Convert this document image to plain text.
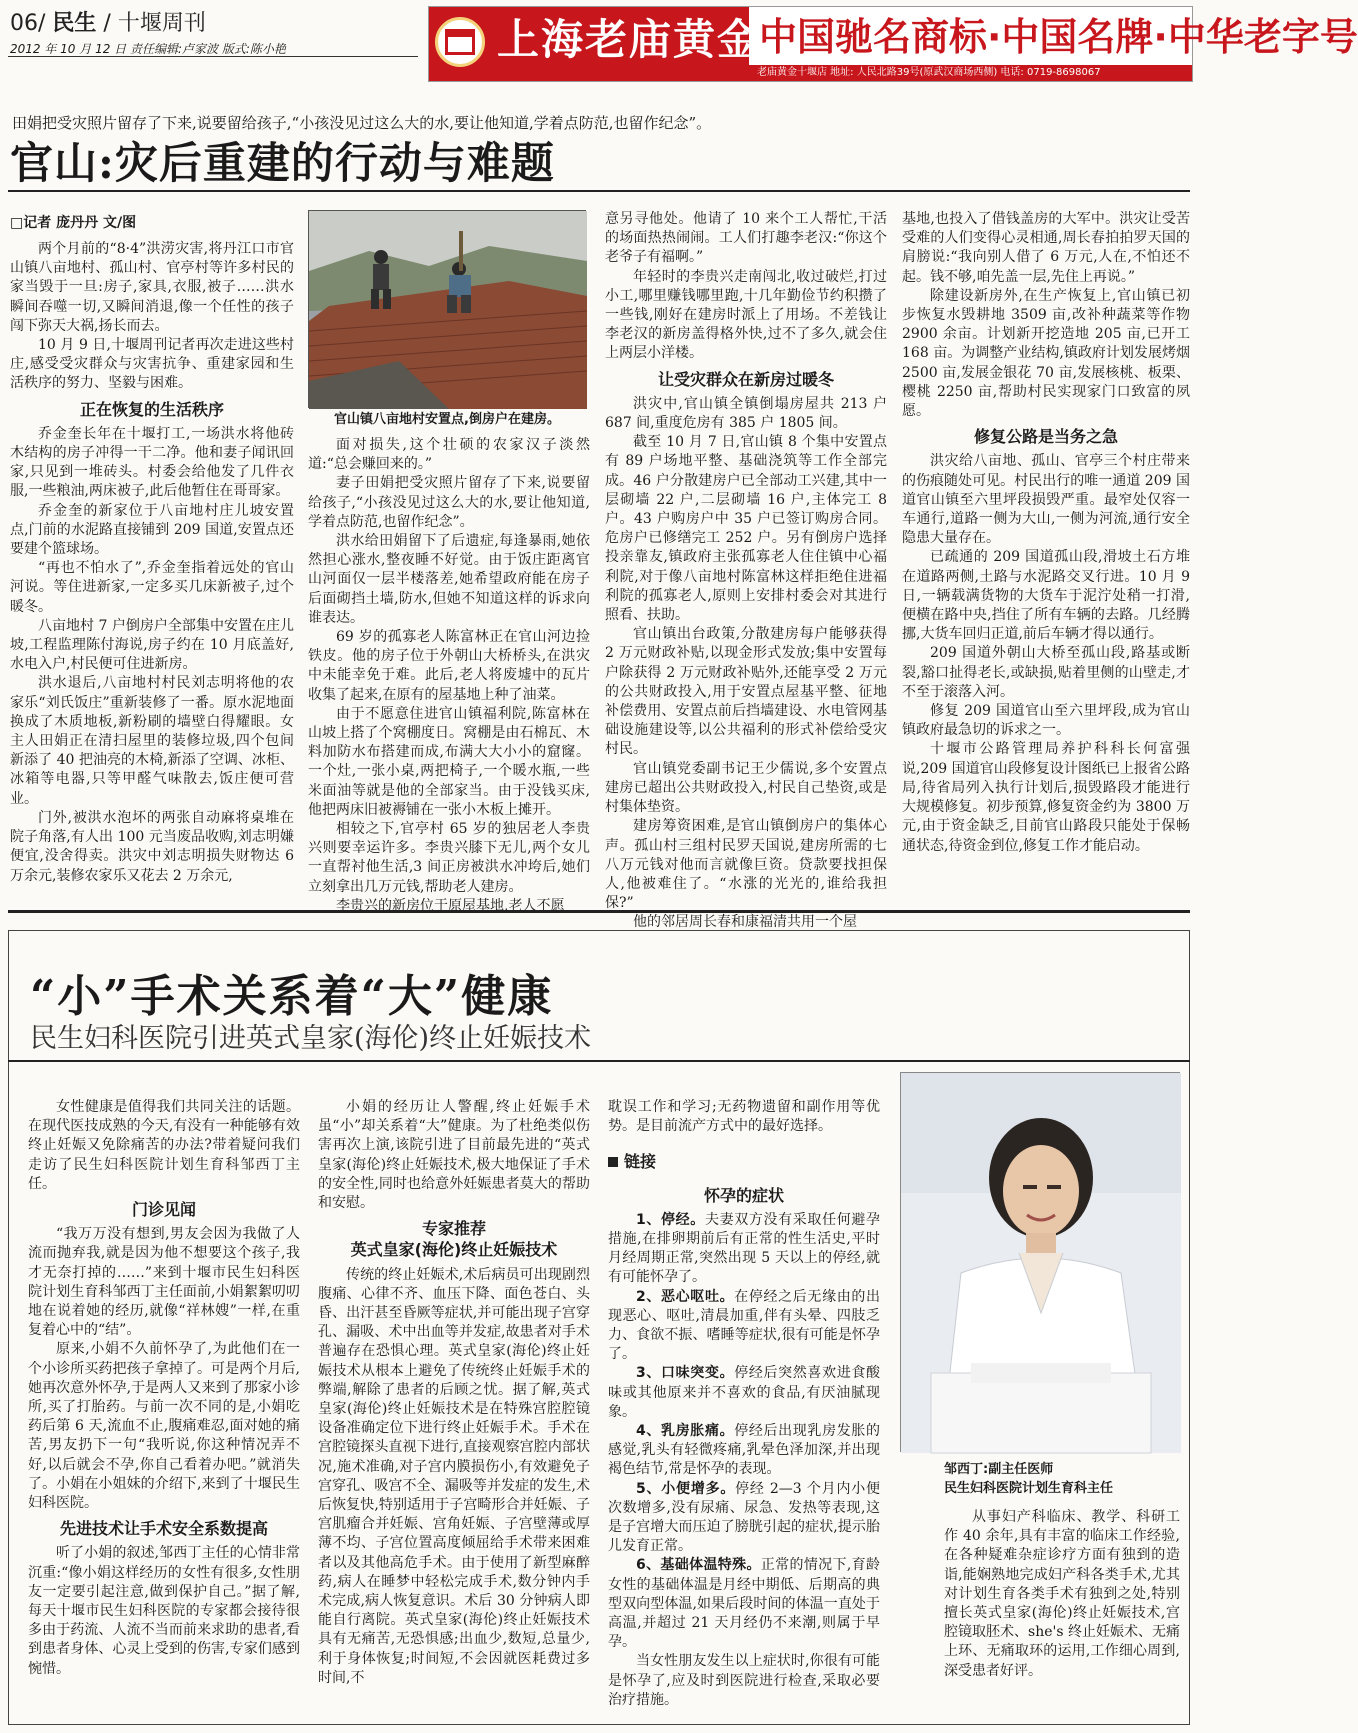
06/ 民生 / 十堰周刊
2012 年 10 月 12 日 责任编辑:卢家波 版式:陈小艳	上海老庙黄金
中国驰名商标·中国名牌·中华老字号
老庙黄金十堰店 地址: 人民北路39号(原武汉商场西侧) 电话: 0719-8698067
田娟把受灾照片留存了下来,说要留给孩子,“小孩没见过这么大的水,要让他知道,学着点防范,也留作纪念”。
官山:灾后重建的行动与难题
□记者 庞丹丹 文/图

两个月前的“8·4”洪涝灾害,将丹江口市官山镇八亩地村、孤山村、官亭村等许多村民的家当毁于一旦:房子,家具,衣服,被子……洪水瞬间吞噬一切,又瞬间消退,像一个任性的孩子闯下弥天大祸,扬长而去。

10 月 9 日,十堰周刊记者再次走进这些村庄,感受受灾群众与灾害抗争、重建家园和生活秩序的努力、坚毅与困难。

正在恢复的生活秩序

乔金奎长年在十堰打工,一场洪水将他砖木结构的房子冲得一干二净。他和妻子闻讯回家,只见到一堆砖头。村委会给他发了几件衣服,一些粮油,两床被子,此后他暂住在哥哥家。

乔金奎的新家位于八亩地村庄儿坡安置点,门前的水泥路直接铺到 209 国道,安置点还要建个篮球场。

“再也不怕水了”,乔金奎指着远处的官山河说。等住进新家,一定多买几床新被子,过个暖冬。

八亩地村 7 户倒房户全部集中安置在庄儿坡,工程监理陈付海说,房子约在 10 月底盖好,水电入户,村民便可住进新房。

洪水退后,八亩地村村民刘志明将他的农家乐“刘氏饭庄”重新装修了一番。原水泥地面换成了木质地板,新粉刷的墙壁白得耀眼。女主人田娟正在清扫屋里的装修垃圾,四个包间新添了 40 把油亮的木椅,新添了空调、冰柜、冰箱等电器,只等甲醛气味散去,饭庄便可营业。

门外,被洪水泡坏的两张自动麻将桌堆在院子角落,有人出 100 元当废品收购,刘志明嫌便宜,没舍得卖。洪灾中刘志明损失财物达 6 万余元,装修农家乐又花去 2 万余元,

官山镇八亩地村安置点,倒房户在建房。

面对损失,这个壮硕的农家汉子淡然道:“总会赚回来的。”

妻子田娟把受灾照片留存了下来,说要留给孩子,“小孩没见过这么大的水,要让他知道,学着点防范,也留作纪念”。

洪水给田娟留下了后遗症,每逢暴雨,她依然担心涨水,整夜睡不好觉。由于饭庄距离官山河面仅一层半楼落差,她希望政府能在房子后面砌挡土墙,防水,但她不知道这样的诉求向谁表达。

69 岁的孤寡老人陈富林正在官山河边捡铁皮。他的房子位于外朝山大桥桥头,在洪灾中未能幸免于难。此后,老人将废墟中的瓦片收集了起来,在原有的屋基地上种了油菜。

由于不愿意住进官山镇福利院,陈富林在山坡上搭了个窝棚度日。窝棚是由石棉瓦、木料加防水布搭建而成,布满大大小小的窟窿。一个灶,一张小桌,两把椅子,一个暖水瓶,一些米面油等就是他的全部家当。由于没钱买床,他把两床旧被褥铺在一张小木板上摊开。

相较之下,官亭村 65 岁的独居老人李贵兴则要幸运许多。李贵兴膝下无儿,两个女儿一直帮衬他生活,3 间正房被洪水冲垮后,她们立刻拿出几万元钱,帮助老人建房。

李贵兴的新房位于原屋基地,老人不愿

意另寻他处。他请了 10 来个工人帮忙,干活的场面热热闹闹。工人们打趣李老汉:“你这个老爷子有福啊。”

年轻时的李贵兴走南闯北,收过破烂,打过小工,哪里赚钱哪里跑,十几年勤俭节约积攒了一些钱,刚好在建房时派上了用场。不差钱让李老汉的新房盖得格外快,过不了多久,就会住上两层小洋楼。

让受灾群众在新房过暖冬

洪灾中,官山镇全镇倒塌房屋共 213 户 687 间,重度危房有 385 户 1805 间。

截至 10 月 7 日,官山镇 8 个集中安置点有 89 户场地平整、基础浇筑等工作全部完成。46 户分散建房户已全部动工兴建,其中一层砌墙 22 户,二层砌墙 16 户,主体完工 8 户。43 户购房户中 35 户已签订购房合同。危房户已修缮完工 252 户。另有倒房户选择投亲靠友,镇政府主张孤寡老人住住镇中心福利院,对于像八亩地村陈富林这样拒绝住进福利院的孤寡老人,原则上安排村委会对其进行照看、扶助。

官山镇出台政策,分散建房每户能够获得 2 万元财政补贴,以现金形式发放;集中安置每户除获得 2 万元财政补贴外,还能享受 2 万元的公共财政投入,用于安置点屋基平整、征地补偿费用、安置点前后挡墙建设、水电管网基础设施建设等,以公共福利的形式补偿给受灾村民。

官山镇党委副书记王少儒说,多个安置点建房已超出公共财政投入,村民自己垫资,或是村集体垫资。

建房筹资困难,是官山镇倒房户的集体心声。孤山村三组村民罗天国说,建房所需的七八万元钱对他而言就像巨资。贷款要找担保人,他被难住了。“水涨的光光的,谁给我担保?”

他的邻居周长春和康福清共用一个屋

基地,也投入了借钱盖房的大军中。洪灾让受苦受难的人们变得心灵相通,周长春拍拍罗天国的肩膀说:“我向别人借了 6 万元,人在,不怕还不起。钱不够,咱先盖一层,先住上再说。”

除建设新房外,在生产恢复上,官山镇已初步恢复水毁耕地 3509 亩,改补种蔬菜等作物 2900 余亩。计划新开挖造地 205 亩,已开工 168 亩。为调整产业结构,镇政府计划发展烤烟 2500 亩,发展金银花 70 亩,发展核桃、板栗、樱桃 2250 亩,帮助村民实现家门口致富的夙愿。

修复公路是当务之急

洪灾给八亩地、孤山、官亭三个村庄带来的伤痕随处可见。村民出行的唯一通道 209 国道官山镇至六里坪段损毁严重。最窄处仅容一车通行,道路一侧为大山,一侧为河流,通行安全隐患大量存在。

已疏通的 209 国道孤山段,滑坡土石方堆在道路两侧,土路与水泥路交叉行进。10 月 9 日,一辆载满货物的大货车于泥泞处稍一打滑,便横在路中央,挡住了所有车辆的去路。几经腾挪,大货车回归正道,前后车辆才得以通行。

209 国道外朝山大桥至孤山段,路基或断裂,豁口扯得老长,或缺损,贴着里侧的山壁走,才不至于滚落入河。

修复 209 国道官山至六里坪段,成为官山镇政府最急切的诉求之一。

十堰市公路管理局养护科科长何富强说,209 国道官山段修复设计图纸已上报省公路局,待省局列入执行计划后,损毁路段才能进行大规模修复。初步预算,修复资金约为 3800 万元,由于资金缺乏,目前官山路段只能处于保畅通状态,待资金到位,修复工作才能启动。

“小”手术关系着“大”健康
民生妇科医院引进英式皇家(海伦)终止妊娠技术

女性健康是值得我们共同关注的话题。在现代医技成熟的今天,有没有一种能够有效终止妊娠又免除痛苦的办法?带着疑问我们走访了民生妇科医院计划生育科邹西丁主任。

门诊见闻

“我万万没有想到,男友会因为我做了人流而抛弃我,就是因为他不想要这个孩子,我才无奈打掉的……”来到十堰市民生妇科医院计划生育科邹西丁主任面前,小娟絮絮叨叨地在说着她的经历,就像“祥林嫂”一样,在重复着心中的“结”。

原来,小娟不久前怀孕了,为此他们在一个小诊所买药把孩子拿掉了。可是两个月后,她再次意外怀孕,于是两人又来到了那家小诊所,买了打胎药。与前一次不同的是,小娟吃药后第 6 天,流血不止,腹痛难忍,面对她的痛苦,男友扔下一句“我听说,你这种情况弄不好,以后就会不孕,你自己看着办吧。”就消失了。小娟在小姐妹的介绍下,来到了十堰民生妇科医院。

先进技术让手术安全系数提高

听了小娟的叙述,邹西丁主任的心情非常沉重:“像小娟这样经历的女性有很多,女性朋友一定要引起注意,做到保护自己。”据了解,每天十堰市民生妇科医院的专家都会接待很多由于药流、人流不当而前来求助的患者,看到患者身体、心灵上受到的伤害,专家们感到惋惜。

小娟的经历让人警醒,终止妊娠手术虽“小”却关系着“大”健康。为了杜绝类似伤害再次上演,该院引进了目前最先进的“英式皇家(海伦)终止妊娠技术,极大地保证了手术的安全性,同时也给意外妊娠患者莫大的帮助和安慰。

专家推荐
英式皇家(海伦)终止妊娠技术

传统的终止妊娠术,术后病员可出现剧烈腹痛、心律不齐、血压下降、面色苍白、头昏、出汗甚至昏厥等症状,并可能出现子宫穿孔、漏吸、术中出血等并发症,故患者对手术普遍存在恐惧心理。英式皇家(海伦)终止妊娠技术从根本上避免了传统终止妊娠手术的弊端,解除了患者的后顾之忧。据了解,英式皇家(海伦)终止妊娠技术是在特殊宫腔腔镜设备准确定位下进行终止妊娠手术。手术在宫腔镜探头直视下进行,直接观察宫腔内部状况,施术准确,对子宫内膜损伤小,有效避免子宫穿孔、吸宫不全、漏吸等并发症的发生,术后恢复快,特别适用于子宫畸形合并妊娠、子宫肌瘤合并妊娠、宫角妊娠、子宫壁薄或厚薄不均、子宫位置高度倾屈给手术带来困难者以及其他高危手术。由于使用了新型麻醉药,病人在睡梦中轻松完成手术,数分钟内手术完成,病人恢复意识。术后 30 分钟病人即能自行离院。英式皇家(海伦)终止妊娠技术具有无痛苦,无恐惧感;出血少,数短,总量少,利于身体恢复;时间短,不会因就医耗费过多时间,不

耽误工作和学习;无药物遗留和副作用等优势。是目前流产方式中的最好选择。

链接
怀孕的症状

1、停经。夫妻双方没有采取任何避孕措施,在排卵期前后有正常的性生活史,平时月经周期正常,突然出现 5 天以上的停经,就有可能怀孕了。

2、恶心呕吐。在停经之后无缘由的出现恶心、呕吐,清晨加重,伴有头晕、四肢乏力、食欲不振、嗜睡等症状,很有可能是怀孕了。

3、口味突变。停经后突然喜欢进食酸味或其他原来并不喜欢的食品,有厌油腻现象。

4、乳房胀痛。停经后出现乳房发胀的感觉,乳头有轻微疼痛,乳晕色泽加深,并出现褐色结节,常是怀孕的表现。

5、小便增多。停经 2—3 个月内小便次数增多,没有尿痛、尿急、发热等表现,这是子宫增大而压迫了膀胱引起的症状,提示胎儿发育正常。

6、基础体温特殊。正常的情况下,育龄女性的基础体温是月经中期低、后期高的典型双向型体温,如果后段时间的体温一直处于高温,并超过 21 天月经仍不来潮,则属于早孕。

当女性朋友发生以上症状时,你很有可能是怀孕了,应及时到医院进行检查,采取必要治疗措施。

邹西丁:副主任医师
民生妇科医院计划生育科主任

从事妇产科临床、教学、科研工作 40 余年,具有丰富的临床工作经验,在各种疑难杂症诊疗方面有独到的造诣,能娴熟地完成妇产科各类手术,尤其对计划生育各类手术有独到之处,特别擅长英式皇家(海伦)终止妊娠技术,宫腔镜取胚术、she's 终止妊娠术、无痛上环、无痛取环的运用,工作细心周到,深受患者好评。
